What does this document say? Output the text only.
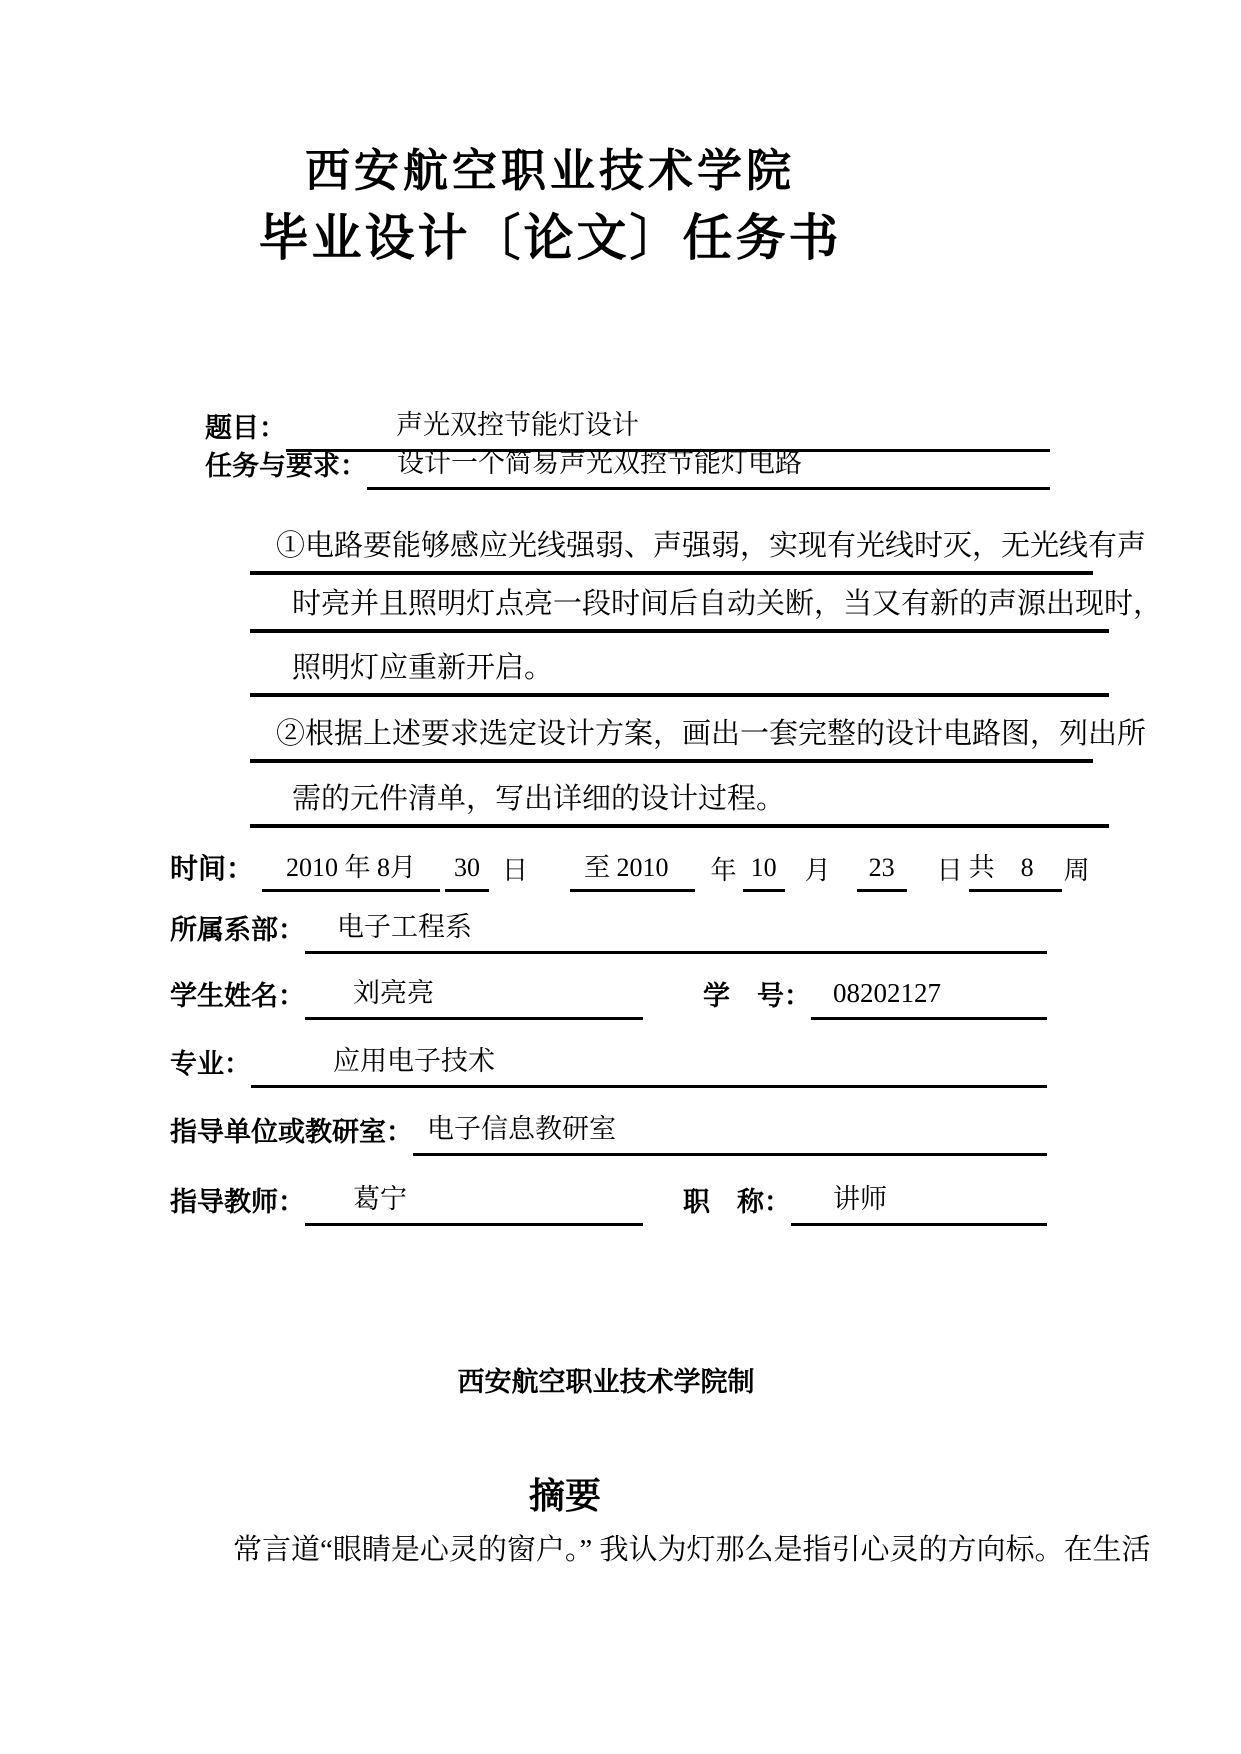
西安航空职业技术学院
毕业设计〔论文〕任务书
题目：	声光双控节能灯设计
任务与要求：	设计一个简易声光双控节能灯电路
①电路要能够感应光线强弱、声强弱，实现有光线时灭，无光线有声
时亮并且照明灯点亮一段时间后自动关断，当又有新的声源出现时，
照明灯应重新开启。
②根据上述要求选定设计方案，画出一套完整的设计电路图，列出所
需的元件清单，写出详细的设计过程。
时间：	2010 年 8月	30 日	至 2010	年 10	月	23	日 共　8	周
所属系部：	电子工程系
学生姓名：	刘亮亮	学　号： 08202127
专业：	应用电子技术
指导单位或教研室： 电子信息教研室
指导教师：	葛宁	职　称：	讲师
西安航空职业技术学院制
摘要
常言道“眼睛是心灵的窗户。” 我认为灯那么是指引心灵的方向标。在生活
